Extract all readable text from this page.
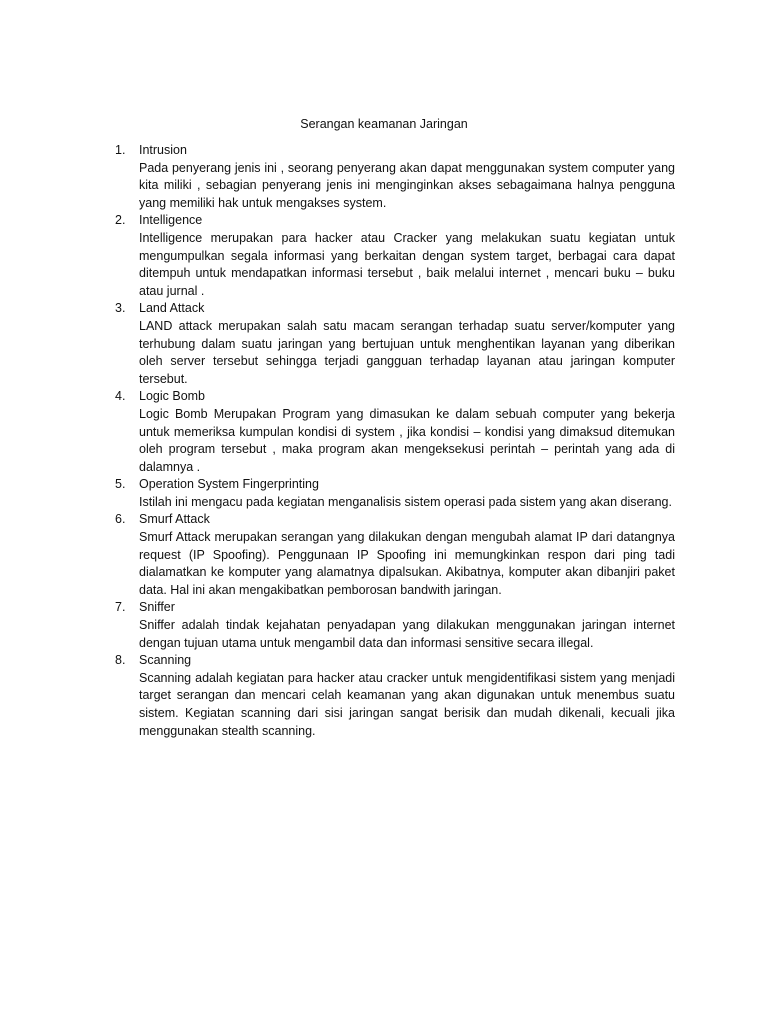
Serangan keamanan Jaringan
1.	Intrusion
Pada penyerang jenis ini , seorang penyerang akan dapat menggunakan system computer yang kita miliki , sebagian penyerang jenis ini menginginkan akses sebagaimana halnya pengguna yang memiliki hak untuk mengakses system.
2.	Intelligence
Intelligence merupakan para hacker atau Cracker yang melakukan suatu kegiatan untuk mengumpulkan segala informasi yang berkaitan dengan system target, berbagai cara dapat ditempuh untuk mendapatkan informasi tersebut , baik melalui internet , mencari buku – buku atau jurnal .
3.	Land Attack
LAND attack merupakan salah satu macam serangan terhadap suatu server/komputer yang terhubung dalam suatu jaringan yang bertujuan untuk menghentikan layanan yang diberikan oleh server tersebut sehingga terjadi gangguan terhadap layanan atau jaringan komputer tersebut.
4.	Logic Bomb
Logic Bomb Merupakan Program yang dimasukan ke dalam sebuah computer yang bekerja untuk memeriksa kumpulan kondisi di system , jika kondisi – kondisi yang dimaksud ditemukan oleh program tersebut , maka program akan mengeksekusi perintah – perintah yang ada di dalamnya .
5.	Operation System Fingerprinting
Istilah ini mengacu pada kegiatan menganalisis sistem operasi pada sistem yang akan diserang.
6.	Smurf Attack
Smurf Attack merupakan serangan yang dilakukan dengan mengubah alamat IP dari datangnya request (IP Spoofing). Penggunaan IP Spoofing ini memungkinkan respon dari ping tadi dialamatkan ke komputer yang alamatnya dipalsukan. Akibatnya, komputer akan dibanjiri paket data. Hal ini akan mengakibatkan pemborosan bandwith jaringan.
7.	Sniffer
Sniffer adalah tindak kejahatan penyadapan yang dilakukan menggunakan jaringan internet dengan tujuan utama untuk mengambil data dan informasi sensitive secara illegal.
8.	Scanning
Scanning adalah kegiatan para hacker atau cracker untuk mengidentifikasi sistem yang menjadi target serangan dan mencari celah keamanan yang akan digunakan untuk menembus suatu sistem. Kegiatan scanning dari sisi jaringan sangat berisik dan mudah dikenali, kecuali jika menggunakan stealth scanning.
